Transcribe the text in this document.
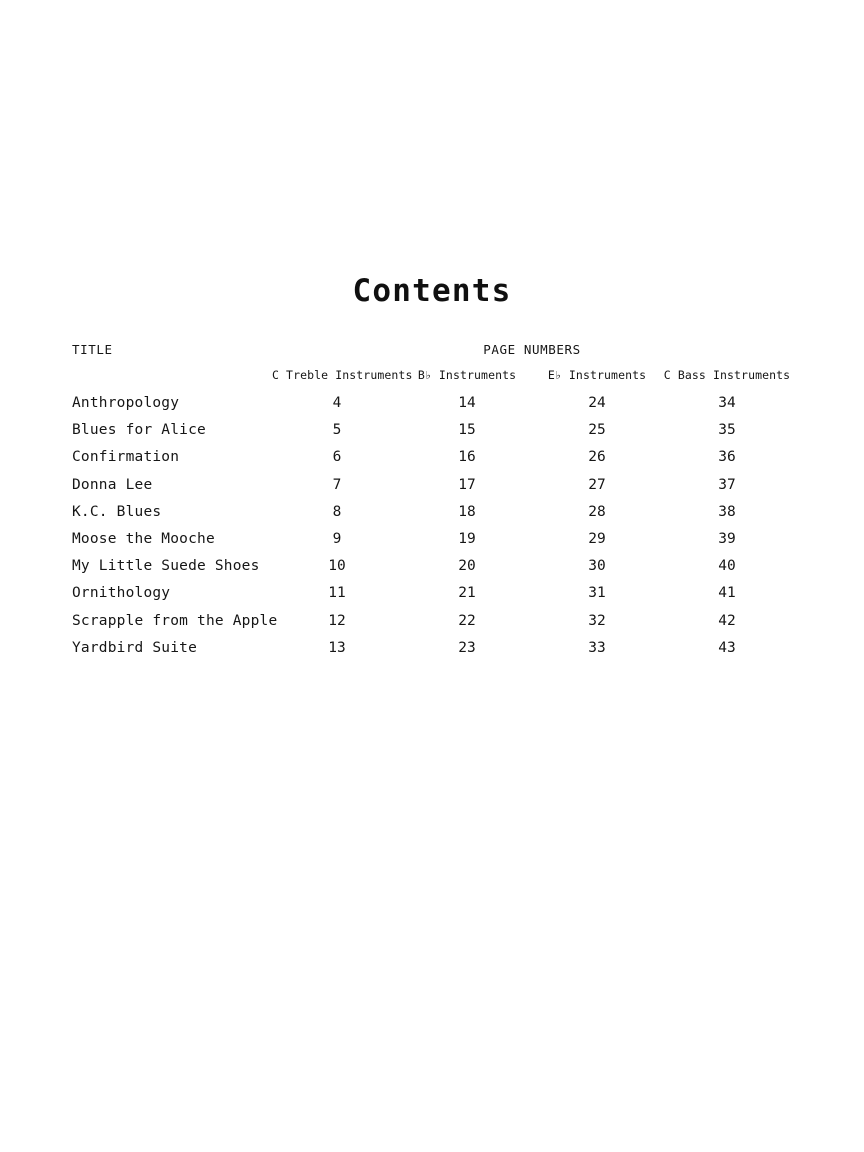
Contents
TITLE	PAGE NUMBERS			
	C Treble Instruments	B♭ Instruments	E♭ Instruments	C Bass Instruments
Anthropology	4	14	24	34
Blues for Alice	5	15	25	35
Confirmation	6	16	26	36
Donna Lee	7	17	27	37
K.C. Blues	8	18	28	38
Moose the Mooche	9	19	29	39
My Little Suede Shoes	10	20	30	40
Ornithology	11	21	31	41
Scrapple from the Apple	12	22	32	42
Yardbird Suite	13	23	33	43
